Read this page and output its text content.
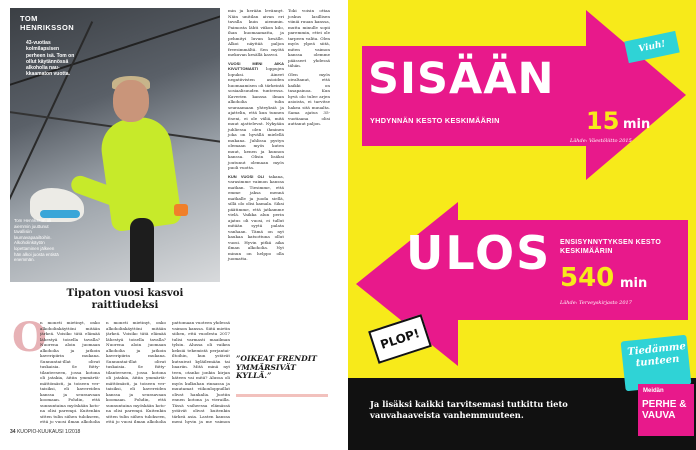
TOM
HENRIKSSON
43-vuotias kolmilapsisen perheen isä. Tom on ollut käytännössä alkoholia naukkaamaton vuotta.
Tom Henriksson oli aiemmin juuttunut tavallisiin laumavapaailtoihin. Alkoholinkäytön lopettaminen jälkeen hän alkoi juosta entistä enemmän.

min ja herään levännyt. Näin unitilan aivan eri tavalla kuin aiemmin. Paimosta lähti viikon kilo, ihan huomaamatta, ja pehmityi luvun kesälle. Alkoi näyttää paljon freesimmältä. Sen myötä mekuvan kesällä kasvoi.

VUOSI MENI AIKA KIVUTTOMASTI loppujen lopuksi. Aineet negatiivisten asioiden huomaamisen oli tärkeintä sosiaalisuuden tunteessa. Kaverien kanssa ilman alkoholia tulin seuraamaan yhteyksiä ja ajattelin, että kun tunnen itseni, ei ole väliä, mitä muut ajattelevat. Nykyään juhliessa olen ihminen joka on hyvällä mielellä mukana. Juhlissa pystyn olemaan myös kuten muut, kenen ja kunnon kanssa. Olisin lisäksi joutunut olemaan myös puoli vuotta.

KUN VUOSI OLI takana, varasimme vaimon kanssa matkan. Tiesimme, että emme jaksa mennä matkalle ja juoda siellä, sillä olo olisi kamala. Siksi päätimme, että jatkamme vielä. Vaikka alun perin ajatus oli vuosi, ei tullut mitään syytä palata vanhaan. Tämä on nyt kaukaa katsottuna ollut vuosi. Hyvin pitkä aika ilman alkoholia. Nyt minun on helppo olla juomatta.

Toki voisin ottaa joskus lasillisen viiniä ruuan kanssa, mutta minulle sopii paremmin, ettei ole tarpeen valita. Olen myös ylpeä siitä, miten vaimon kanssa olemme päässeet yhdessä tähän.

Olen myös oivaltanut, että kaikki on tasapainoa. Kun hyvä olo tulee arjen asioista, ei tarvitse hakea sitä muualta. Sama ajatus 35-vuotiaana olisi auttanut paljon.

Tipaton vuosi kasvoi raittiudeksi
O

n moneti mietinyt, onko alkoholinkäyttöni mitään järkeä. Voisiko tätä elämää lähestyä toisella tavalla? Nuorena aloin juomaan alkoholia ja jatkoin kaveripiirin mukana. Sunnuntai-illat olivat tuskaisia. Se fiittytilanteeseen, jossa kotona oli jatakia, äitiin ymmärtämättömästi, ja toiseen vertaisiksi, eli kavereiden kanssa ja seuraavaan koomaan. Pohdin, että sunnuntaina myöskään kotona olisi parempi. Kuitenkin sitten tulin siihen tulokseen, että jo vuosi ilman alkoholia

n moneti mietinyt, onko alkoholinkäyttöni mitään järkeä. Voisiko tätä elämää lähestyä toisella tavalla? Nuorena aloin juomaan alkoholia ja jatkoin kaveripiirin mukana. Sunnuntai-illat olivat tuskaisia. Se fiittytilanteeseen, jossa kotona oli jatakia, äitiin ymmärtämättömästi, ja toiseen vertaisiksi, eli kavereiden kanssa ja seuraavaan koomaan. Pohdin, että sunnuntaina myöskään kotona olisi parempi. Kuitenkin sitten tulin siihen tulokseen, että jo vuosi ilman alkoholia

pattomaan vuoteen yhdessä vaimon kanssa. Siitä mietin siihen, että vuodesta 2017 tulisi varmasti maailman tylsin. Alussa oli vaikea keksiä tekemistä perjantai-iltoihin, kun ystävät kutsuivat kyläilemään tai baariin. Mitä minä nyt teen, otanko jonkin kirjan käteen vai mitä? Alussa oli myös kulkuhan rinnassa ja muutamat viikonloppuillat olivat hankalia. Juotiin ennen kotona ja vierailla. Tässä vaiheessa elämässä ystävät olivat kuitenkin tärkeä asia. Lasten kanssa meni hyvin ja me vaimon

”OIKEAT FRENDIT YMMÄRSIVÄT KYLLÄ.”
34 KUOPIO-KUUKAUSI 1/2018
Viuh!
SISÄÄN
YHDYNNÄN KESTO KESKIMÄÄRIN	15 min
Lähde: Väestöliitto 2015
ULOS ENSISYNNYTYKSEN KESTO KESKIMÄÄRIN
540 min
Lähde: Terveyskirjasto 2017
PLOP!
Ja lisäksi kaikki tarvitsemasi tutkittu tieto vauvahaaveista vanhemmuuteen.
Tiedämme tunteen
Meidän
PERHE & VAUVA
